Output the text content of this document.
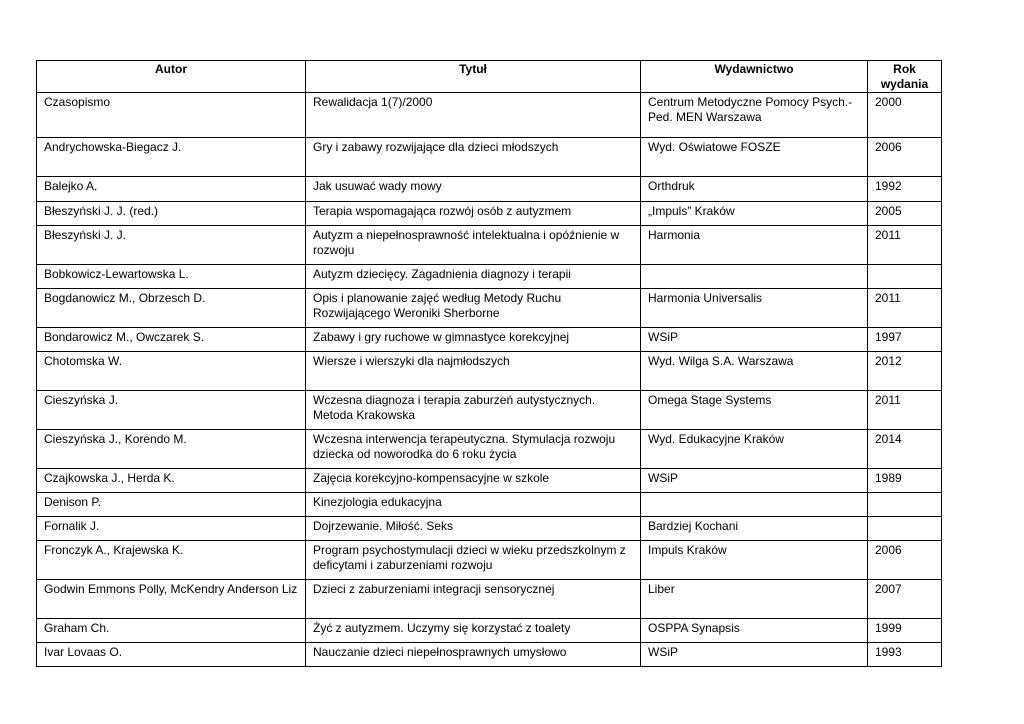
Autor	Tytuł	Wydawnictwo	Rok
wydania
Czasopismo	Rewalidacja 1(7)/2000	Centrum Metodyczne Pomocy Psych.-Ped. MEN Warszawa	2000
Andrychowska-Biegacz J.	Gry i zabawy rozwijające dla dzieci młodszych	Wyd. Oświatowe FOSZE	2006
Balejko A.	Jak usuwać wady mowy	Orthdruk	1992
Błeszyński J. J. (red.)	Terapia wspomagająca rozwój osób z autyzmem	„Impuls” Kraków	2005
Błeszyński J. J.	Autyzm a niepełnosprawność intelektualna i opóźnienie w rozwoju	Harmonia	2011
Bobkowicz-Lewartowska L.	Autyzm dziecięcy. Zagadnienia diagnozy i terapii		
Bogdanowicz M., Obrzesch D.	Opis i planowanie zajęć według Metody Ruchu Rozwijającego Weroniki Sherborne	Harmonia Universalis	2011
Bondarowicz M., Owczarek S.	Zabawy i gry ruchowe w gimnastyce korekcyjnej	WSiP	1997
Chotomska W.	Wiersze i wierszyki dla najmłodszych	Wyd. Wilga S.A. Warszawa	2012
Cieszyńska J.	Wczesna diagnoza i terapia zaburzeń autystycznych. Metoda Krakowska	Omega Stage Systems	2011
Cieszyńska J., Korendo M.	Wczesna interwencja terapeutyczna. Stymulacja rozwoju dziecka od noworodka do 6 roku życia	Wyd. Edukacyjne Kraków	2014
Czajkowska J., Herda K.	Zajęcia korekcyjno-kompensacyjne w szkole	WSiP	1989
Denison P.	Kinezjologia edukacyjna		
Fornalik J.	Dojrzewanie. Miłość. Seks	Bardziej Kochani	
Fronczyk A., Krajewska K.	Program psychostymulacji dzieci w wieku przedszkolnym z deficytami i zaburzeniami rozwoju	Impuls Kraków	2006
Godwin Emmons Polly, McKendry Anderson Liz	Dzieci z zaburzeniami integracji sensorycznej	Liber	2007
Graham Ch.	Żyć z autyzmem. Uczymy się korzystać z toalety	OSPPA Synapsis	1999
Ivar Lovaas O.	Nauczanie dzieci niepełnosprawnych umysłowo	WSiP	1993
